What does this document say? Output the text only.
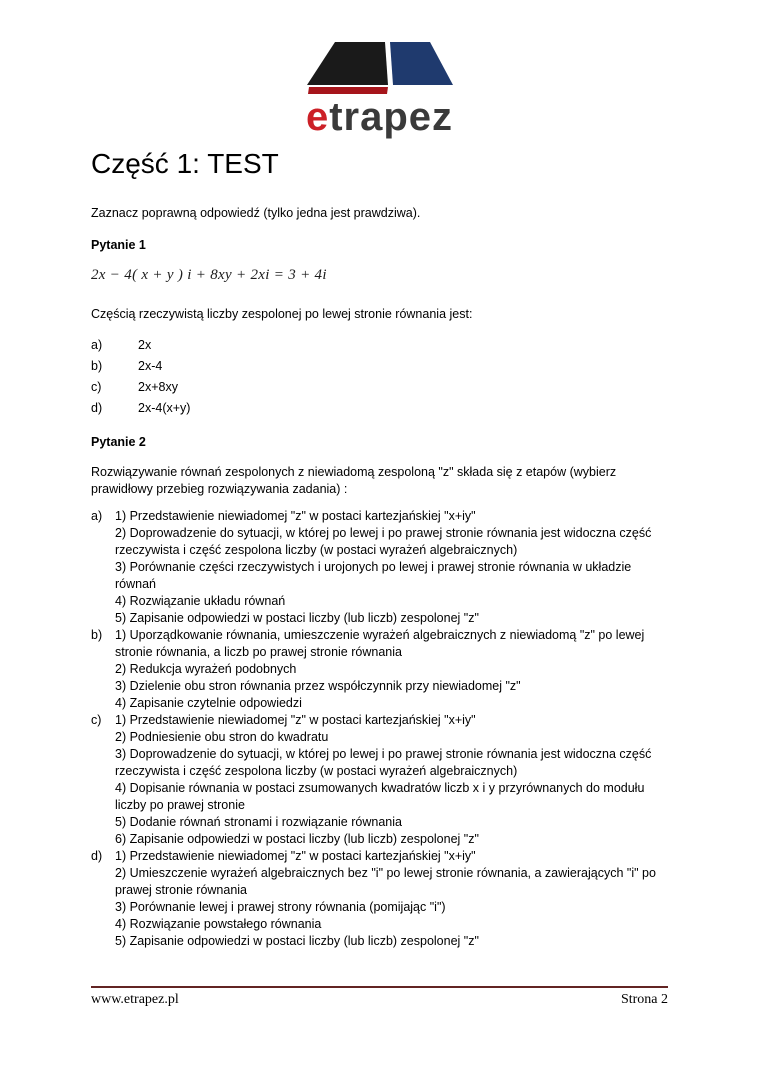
etrapez
Część 1: TEST
Zaznacz poprawną odpowiedź (tylko jedna jest prawdziwa).
Pytanie 1
2x − 4( x + y ) i + 8xy + 2xi = 3 + 4i
Częścią rzeczywistą liczby zespolonej po lewej stronie równania jest:
a)	2x
b)	2x-4
c)	2x+8xy
d)	2x-4(x+y)
Pytanie 2
Rozwiązywanie równań zespolonych z niewiadomą zespoloną "z" składa się z etapów (wybierz prawidłowy przebieg rozwiązywania zadania) :
a)	1) Przedstawienie niewiadomej "z" w postaci kartezjańskiej "x+iy"
2) Doprowadzenie do sytuacji, w której po lewej i po prawej stronie równania jest widoczna część rzeczywista i część zespolona liczby (w postaci wyrażeń algebraicznych)
3) Porównanie części rzeczywistych i urojonych po lewej i prawej stronie równania w układzie równań
4) Rozwiązanie układu równań
5) Zapisanie odpowiedzi w postaci liczby (lub liczb) zespolonej "z"
b)	1) Uporządkowanie równania, umieszczenie wyrażeń algebraicznych z niewiadomą "z" po lewej stronie równania, a liczb po prawej stronie równania
2) Redukcja wyrażeń podobnych
3) Dzielenie obu stron równania przez współczynnik przy niewiadomej "z"
4) Zapisanie czytelnie odpowiedzi
c)	1) Przedstawienie niewiadomej "z" w postaci kartezjańskiej "x+iy"
2) Podniesienie obu stron do kwadratu
3) Doprowadzenie do sytuacji, w której po lewej i po prawej stronie równania jest widoczna część rzeczywista i część zespolona liczby (w postaci wyrażeń algebraicznych)
4) Dopisanie równania w postaci zsumowanych kwadratów liczb x i y przyrównanych do modułu liczby po prawej stronie
5) Dodanie równań stronami i rozwiązanie równania
6) Zapisanie odpowiedzi w postaci liczby (lub liczb) zespolonej "z"
d)	1) Przedstawienie niewiadomej "z" w postaci kartezjańskiej "x+iy"
2) Umieszczenie wyrażeń algebraicznych bez "i" po lewej stronie równania, a zawierających "i" po prawej stronie równania
3) Porównanie lewej i prawej strony równania (pomijając "i")
4) Rozwiązanie powstałego równania
5) Zapisanie odpowiedzi w postaci liczby (lub liczb) zespolonej "z"
www.etrapez.pl	Strona 2
